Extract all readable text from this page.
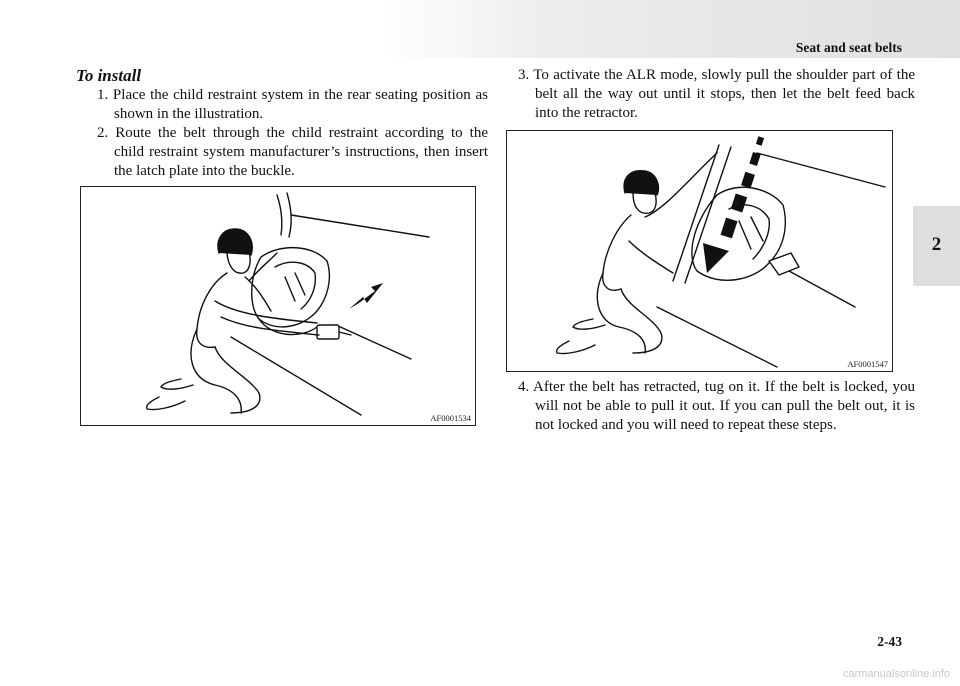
Seat and seat belts
2
To install
1. Place the child restraint system in the rear seating position as shown in the illustration.
2. Route the belt through the child restraint according to the child restraint system manufacturer’s instructions, then insert the latch plate into the buckle.
AF0001534
3. To activate the ALR mode, slowly pull the shoulder part of the belt all the way out until it stops, then let the belt feed back into the retractor.
AF0001547
4. After the belt has retracted, tug on it. If the belt is locked, you will not be able to pull it out. If you can pull the belt out, it is not locked and you will need to repeat these steps.
2-43
carmanualsonline.info
